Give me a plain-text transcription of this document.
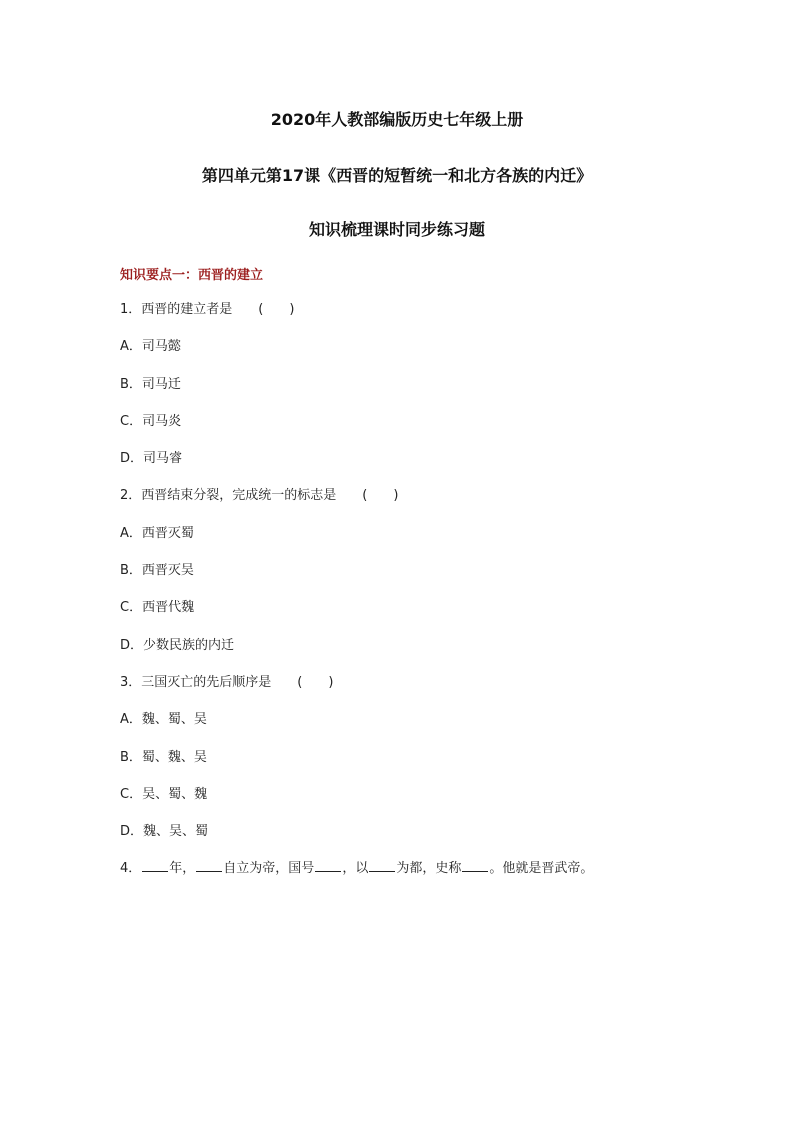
2020年人教部编版历史七年级上册
第四单元第17课《西晋的短暂统一和北方各族的内迁》
知识梳理课时同步练习题
知识要点一：西晋的建立
1．西晋的建立者是 (　　)
A．司马懿
B．司马迁
C．司马炎
D．司马睿
2．西晋结束分裂，完成统一的标志是 (　　)
A．西晋灭蜀
B．西晋灭吴
C．西晋代魏
D．少数民族的内迁
3．三国灭亡的先后顺序是 (　　)
A．魏、蜀、吴
B．蜀、魏、吴
C．吴、蜀、魏
D．魏、吴、蜀
4． 年， 自立为帝，国号 ，以 为都，史称 。他就是晋武帝。
